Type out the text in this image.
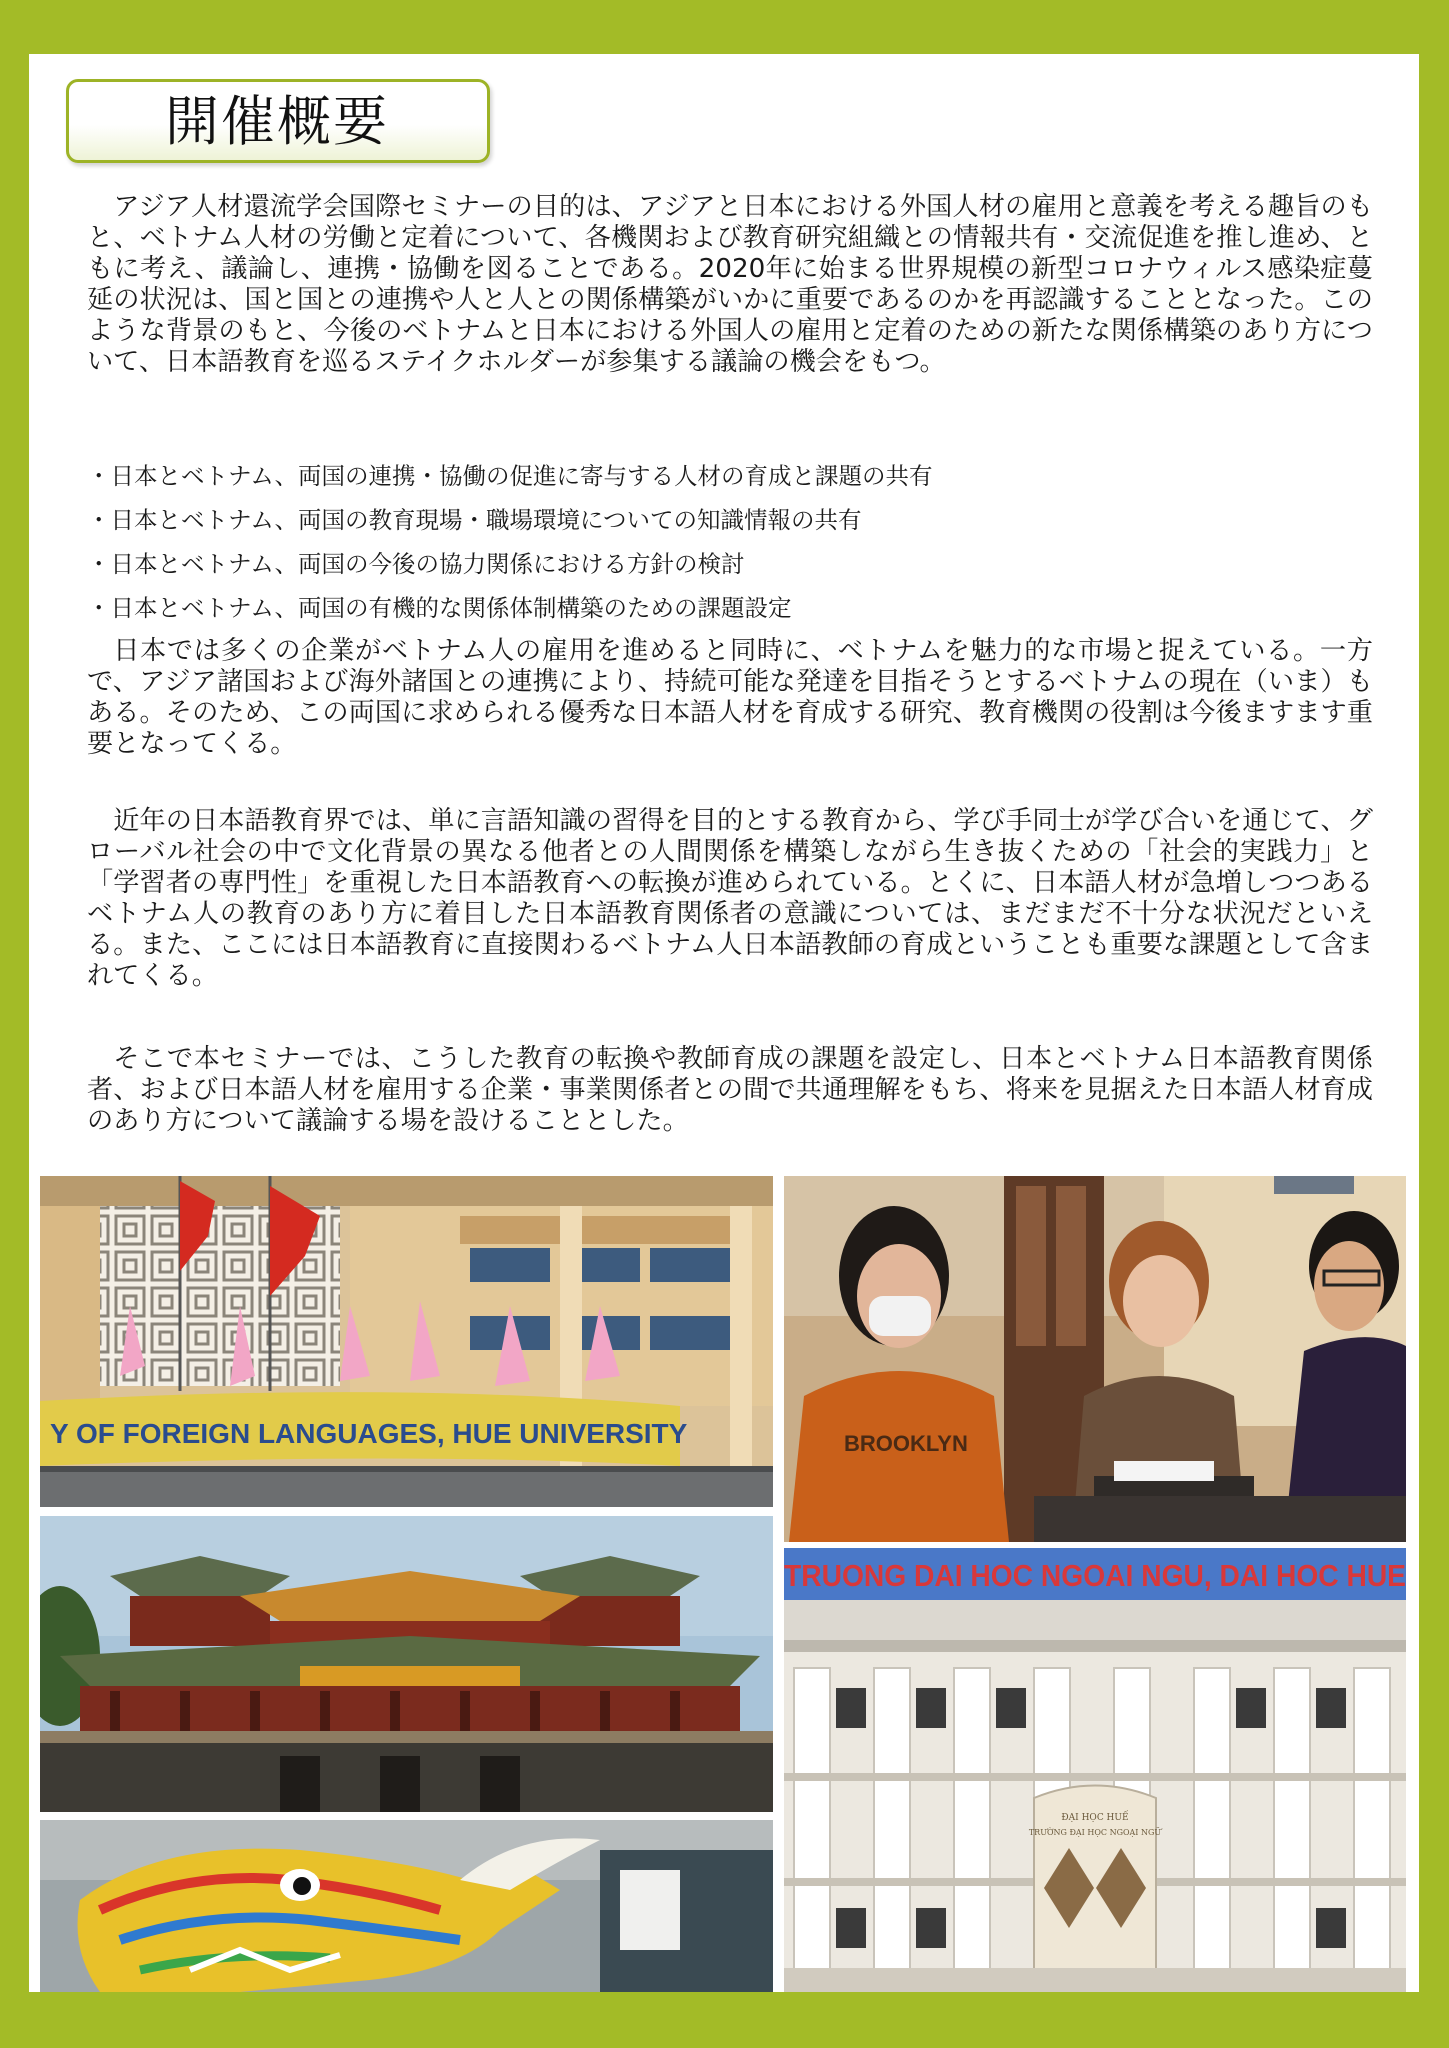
開催概要

アジア人材還流学会国際セミナーの目的は、アジアと日本における外国人材の雇用と意義を考える趣旨のもと、ベトナム人材の労働と定着について、各機関および教育研究組織との情報共有・交流促進を推し進め、ともに考え、議論し、連携・協働を図ることである。2020年に始まる世界規模の新型コロナウィルス感染症蔓延の状況は、国と国との連携や人と人との関係構築がいかに重要であるのかを再認識することとなった。このような背景のもと、今後のベトナムと日本における外国人の雇用と定着のための新たな関係構築のあり方について、日本語教育を巡るステイクホルダーが参集する議論の機会をもつ。

・日本とベトナム、両国の連携・協働の促進に寄与する人材の育成と課題の共有
・日本とベトナム、両国の教育現場・職場環境についての知識情報の共有
・日本とベトナム、両国の今後の協力関係における方針の検討
・日本とベトナム、両国の有機的な関係体制構築のための課題設定

日本では多くの企業がベトナム人の雇用を進めると同時に、ベトナムを魅力的な市場と捉えている。一方で、アジア諸国および海外諸国との連携により、持続可能な発達を目指そうとするベトナムの現在（いま）もある。そのため、この両国に求められる優秀な日本語人材を育成する研究、教育機関の役割は今後ますます重要となってくる。

近年の日本語教育界では、単に言語知識の習得を目的とする教育から、学び手同士が学び合いを通じて、グローバル社会の中で文化背景の異なる他者との人間関係を構築しながら生き抜くための「社会的実践力」と「学習者の専門性」を重視した日本語教育への転換が進められている。とくに、日本語人材が急増しつつあるベトナム人の教育のあり方に着目した日本語教育関係者の意識については、まだまだ不十分な状況だといえる。また、ここには日本語教育に直接関わるベトナム人日本語教師の育成ということも重要な課題として含まれてくる。

そこで本セミナーでは、こうした教育の転換や教師育成の課題を設定し、日本とベトナム日本語教育関係者、および日本語人材を雇用する企業・事業関係者との間で共通理解をもち、将来を見据えた日本語人材育成のあり方について議論する場を設けることとした。

Y OF FOREIGN LANGUAGES, HUE UNIVERSITY	BROOKLYN
TRUONG DAI HOC NGOAI NGU, DAI HOC HUE
ĐẠI HỌC HUẾ
TRƯỜNG ĐẠI HỌC NGOẠI NGỮ
